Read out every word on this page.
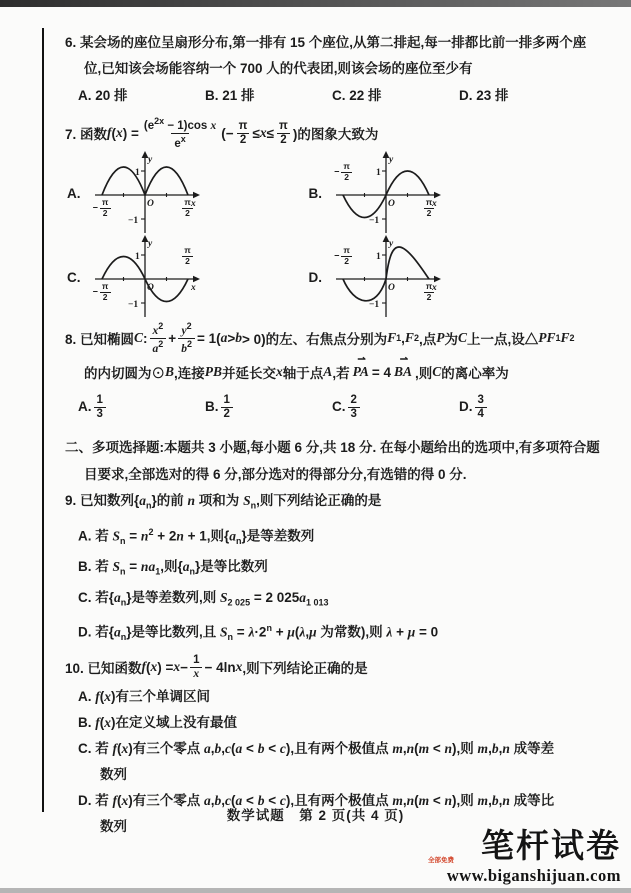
6. 某会场的座位呈扇形分布,第一排有 15 个座位,从第二排起,每一排都比前一排多两个座
位,已知该会场能容纳一个 700 人的代表团,则该会场的座位至少有
A. 20 排	B. 21 排	C. 22 排	D. 23 排
7. 函数 f ( x ) = $\frac{(e^{2x} - 1)\cos x}{e^x}$ (− $\frac{\pi}{2} \le x \le \frac{\pi}{2}$ )的图象大致为
A.
y
x
O
1
−1
− $\frac{\pi}{2}$	$\frac{\pi}{2}$
B.
y
x
O
1
−1
− $\frac{\pi}{2}$
$\frac{\pi}{2}$
C.
y
x
O
1
−1
− $\frac{\pi}{2}$
$\frac{\pi}{2}$
D.
y
x
O
1
−1
− $\frac{\pi}{2}$
$\frac{\pi}{2}$
8. 已知椭圆 C : $\frac{x^2}{a^2} + \frac{y^2}{b^2} = 1$( a > b > 0)的左、右焦点分别为 F 1 , F 2 ,点 P 为 C 上一点,设△ PF 1 F 2
的内切圆为⊙ B ,连接 PB 并延长交 x 轴于点 A ,若
⇀
PA = 4
⇀
BA ,则 C 的离心率为
A. $\frac{1}{3}$	B. $\frac{1}{2}$	C. $\frac{2}{3}$	D. $\frac{3}{4}$
二、多项选择题:本题共 3 小题,每小题 6 分,共 18 分. 在每小题给出的选项中,有多项符合题
目要求,全部选对的得 6 分,部分选对的得部分分,有选错的得 0 分.
9. 已知数列$\{a_n\}$的前 n 项和为 $S_n$,则下列结论正确的是
A. 若 $S_n = n^2 + 2n + 1$,则$\{a_n\}$是等差数列
B. 若 $S_n = na_1$,则$\{a_n\}$是等比数列
C. 若$\{a_n\}$是等差数列,则 $S_{2 025} = 2$ $025a_{1 013}$
D. 若$\{a_n\}$是等比数列,且 $S_n = \lambda\cdot 2^n + \mu(\lambda,\mu$ 为常数),则 λ + μ = 0
10. 已知函数 f ( x ) = $x - \frac{1}{x} - 4\ln$ x ,则下列结论正确的是
A. f(x)有三个单调区间
B. f(x)在定义域上没有最值
C. 若 f(x)有三个零点 a,b,c(a < b < c),且有两个极值点 m,n(m < n),则 m,b,n 成等差
数列
D. 若 f(x)有三个零点 a,b,c(a < b < c),且有两个极值点 m,n(m < n),则 m,b,n 成等比
数列
数学试题　第 2 页(共 4 页)
全部免费 笔杆试卷
www.biganshijuan.com
